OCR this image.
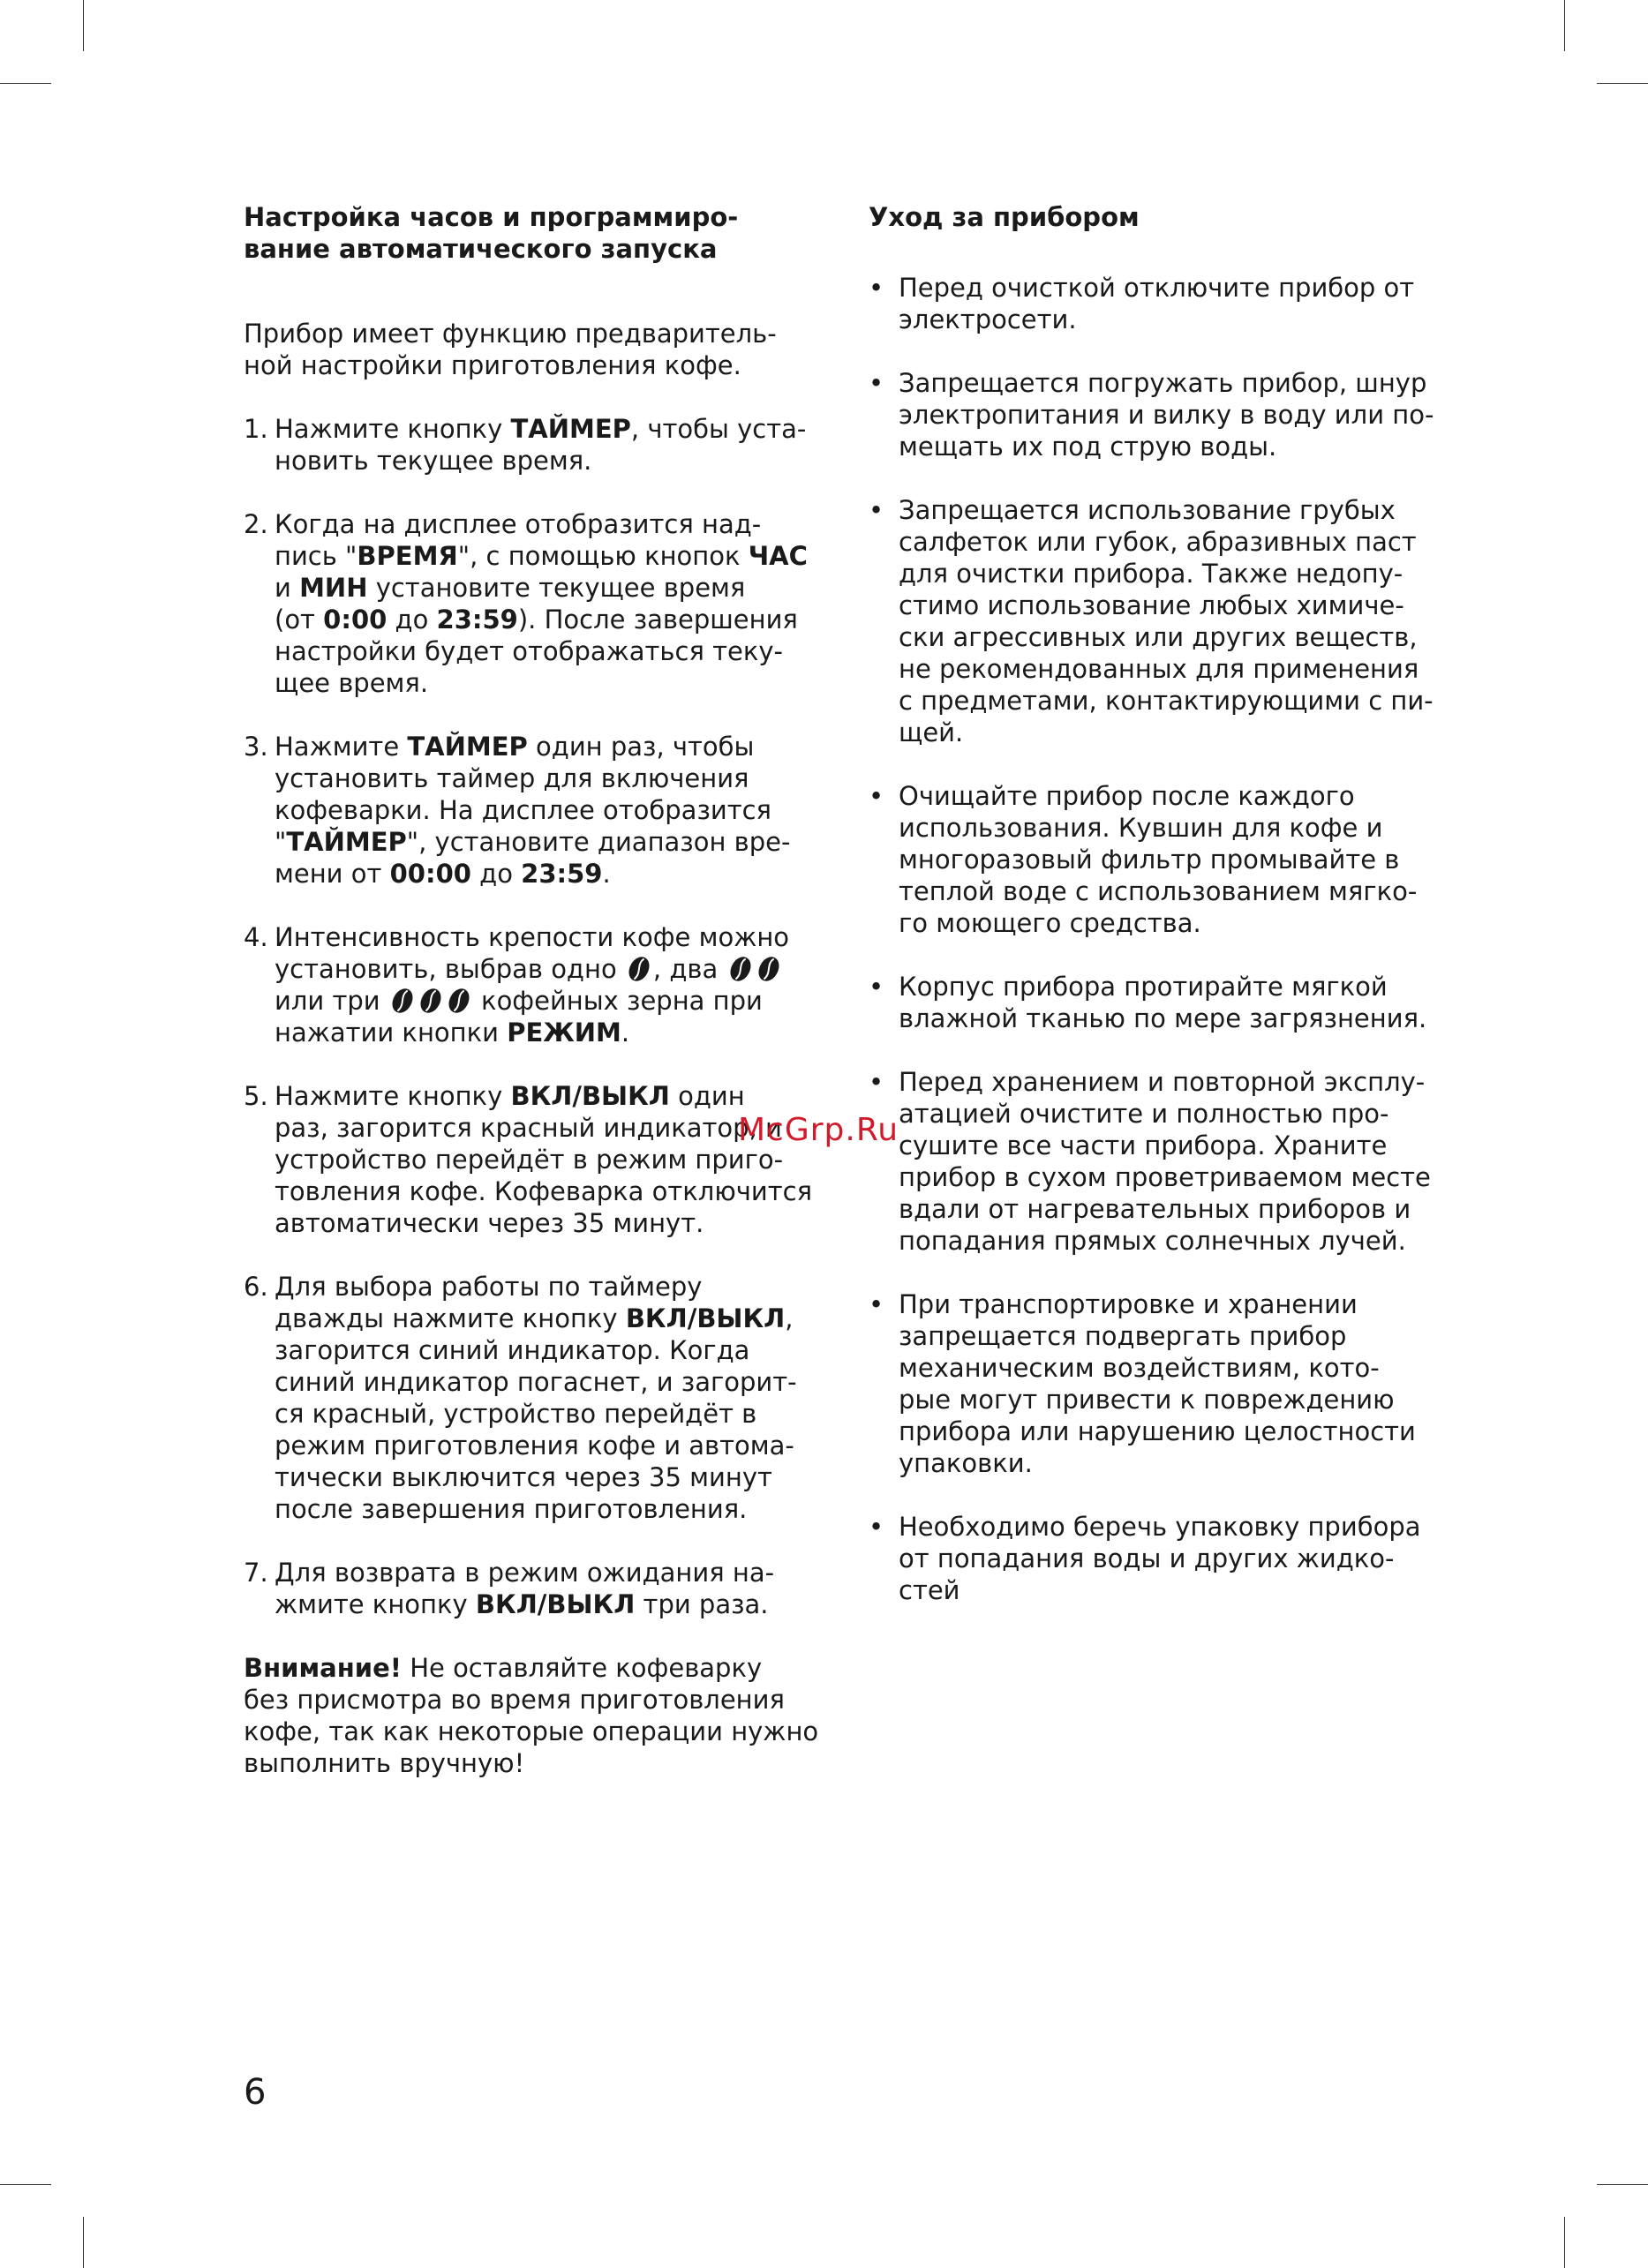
Настройка часов и программиро-
вание автоматического запуска

Прибор имеет функцию предваритель-
ной настройки приготовления кофе.

1. Нажмите кнопку ТАЙМЕР, чтобы уста-
новить текущее время.
2. Когда на дисплее отобразится над-
пись "ВРЕМЯ", с помощью кнопок ЧАС
и МИН установите текущее время
(от 0:00 до 23:59). После завершения
настройки будет отображаться теку-
щее время.
3. Нажмите ТАЙМЕР один раз, чтобы
установить таймер для включения
кофеварки. На дисплее отобразится
"ТАЙМЕР", установите диапазон вре-
мени от 00:00 до 23:59.
4. Интенсивность крепости кофе можно
установить, выбрав одно
, два

или три	кофейных зерна при
нажатии кнопки РЕЖИМ.
5. Нажмите кнопку ВКЛ/ВЫКЛ один
раз, загорится красный индикатор, и
устройство перейдёт в режим приго-
товления кофе. Кофеварка отключится
автоматически через 35 минут.
6. Для выбора работы по таймеру
дважды нажмите кнопку ВКЛ/ВЫКЛ,
загорится синий индикатор. Когда
синий индикатор погаснет, и загорит-
ся красный, устройство перейдёт в
режим приготовления кофе и автома-
тически выключится через 35 минут
после завершения приготовления.
7. Для возврата в режим ожидания на-
жмите кнопку ВКЛ/ВЫКЛ три раза.

Внимание! Не оставляйте кофеварку
без присмотра во время приготовления
кофе, так как некоторые операции нужно
выполнить вручную!

Уход за прибором
• Перед очисткой отключите прибор от
электросети.
• Запрещается погружать прибор, шнур
электропитания и вилку в воду или по-
мещать их под струю воды.
• Запрещается использование грубых
салфеток или губок, абразивных паст
для очистки прибора. Также недопу-
стимо использование любых химиче-
ски агрессивных или других веществ,
не рекомендованных для применения
с предметами, контактирующими с пи-
щей.
• Очищайте прибор после каждого
использования. Кувшин для кофе и
многоразовый фильтр промывайте в
теплой воде с использованием мягко-
го моющего средства.
• Корпус прибора протирайте мягкой
влажной тканью по мере загрязнения.
• Перед хранением и повторной эксплу-
атацией очистите и полностью про-
сушите все части прибора. Храните
прибор в сухом проветриваемом месте
вдали от нагревательных приборов и
попадания прямых солнечных лучей.
• При транспортировке и хранении
запрещается подвергать прибор
механическим воздействиям, кото-
рые могут привести к повреждению
прибора или нарушению целостности
упаковки.
• Необходимо беречь упаковку прибора
от попадания воды и других жидко-
стей
McGrp.Ru
6
